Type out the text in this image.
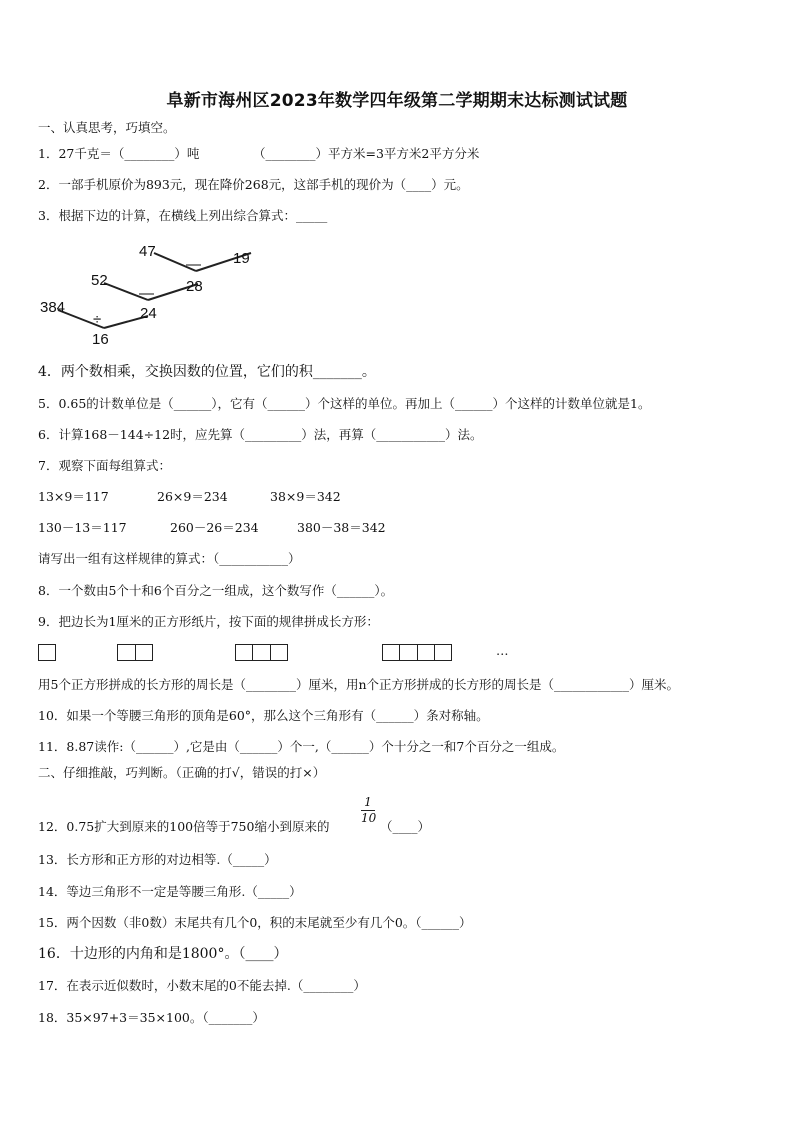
阜新市海州区2023年数学四年级第二学期期末达标测试试题
一、认真思考，巧填空。
1．27千克＝（________）吨	（________）平方米=3平方米2平方分米
2．一部手机原价为893元，现在降价268元，这部手机的现价为（____）元。
3．根据下边的计算，在横线上列出综合算式：_____
47
— 19
52	28
—
384
÷	24
16
4．两个数相乘，交换因数的位置，它们的积_______。
5．0.65的计数单位是（______），它有（______）个这样的单位。再加上（______）个这样的计数单位就是1。
6．计算168－144÷12时，应先算（_________）法，再算（___________）法。
7．观察下面每组算式：
13×9＝117	26×9＝234	38×9＝342
130－13＝117	260－26＝234	380－38＝342
请写出一组有这样规律的算式：（___________）
8．一个数由5个十和6个百分之一组成，这个数写作（______）。
9．把边长为1厘米的正方形纸片，按下面的规律拼成长方形：
…
用5个正方形拼成的长方形的周长是（________）厘米，用n个正方形拼成的长方形的周长是（____________）厘米。
10．如果一个等腰三角形的顶角是60°，那么这个三角形有（______）条对称轴。
11．8.87读作:（______）,它是由（______）个一,（______）个十分之一和7个百分之一组成。
二、仔细推敲，巧判断。（正确的打√，错误的打×）
12．0.75扩大到原来的100倍等于750缩小到原来的
1
10
（____）
13．长方形和正方形的对边相等.（_____）
14．等边三角形不一定是等腰三角形.（_____）
15．两个因数（非0数）末尾共有几个0，积的末尾就至少有几个0。（______）
16．十边形的内角和是1800°。（____）
17．在表示近似数时，小数末尾的0不能去掉.（________）
18．35×97+3＝35×100。（_______）
